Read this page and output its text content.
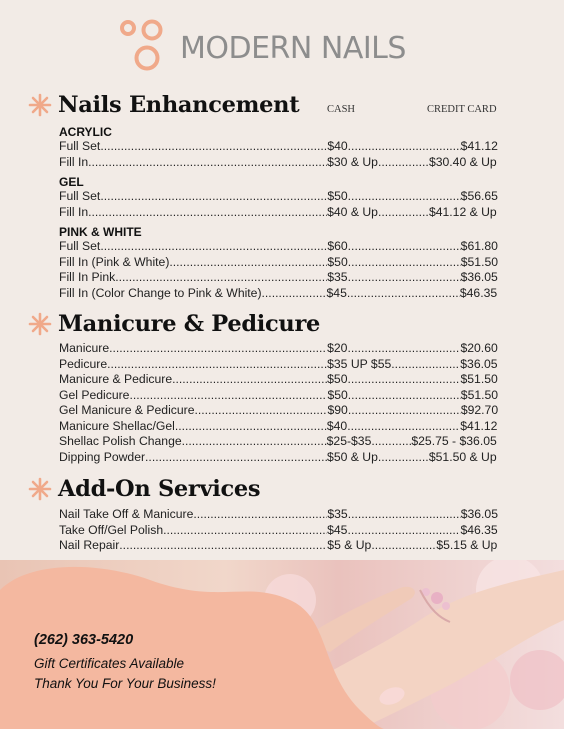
MODERN NAILS
Nails Enhancement	CASH	CREDIT CARD
ACRYLIC
Full Set .....	$40 .....	$41.12
Fill In .....	$30 & Up .....	$30.40 & Up
GEL
Full Set .....	$50 .....	$56.65
Fill In .....	$40 & Up .....	$41.12 & Up
PINK & WHITE
Full Set .....	$60 .....	$61.80
Fill In (Pink & White) .....	$50 .....	$51.50
Fill In Pink .....	$35 .....	$36.05
Fill In (Color Change to Pink & White) .....	$45 .....	$46.35
Manicure & Pedicure
Manicure .....	$20 .....	$20.60
Pedicure .....	$35 UP $55 .....	$36.05
Manicure & Pedicure .....	$50 .....	$51.50
Gel Pedicure .....	$50 .....	$51.50
Gel Manicure & Pedicure .....	$90 .....	$92.70
Manicure Shellac/Gel .....	$40 .....	$41.12
Shellac Polish Change .....	$25-$35 .....	$25.75 - $36.05
Dipping Powder .....	$50 & Up .....	$51.50 & Up
Add-On Services
Nail Take Off & Manicure .....	$35 .....	$36.05
Take Off/Gel Polish .....	$45 .....	$46.35
Nail Repair .....	$5 & Up .....	$5.15 & Up
(262) 363-5420
Gift Certificates Available
Thank You For Your Business!
